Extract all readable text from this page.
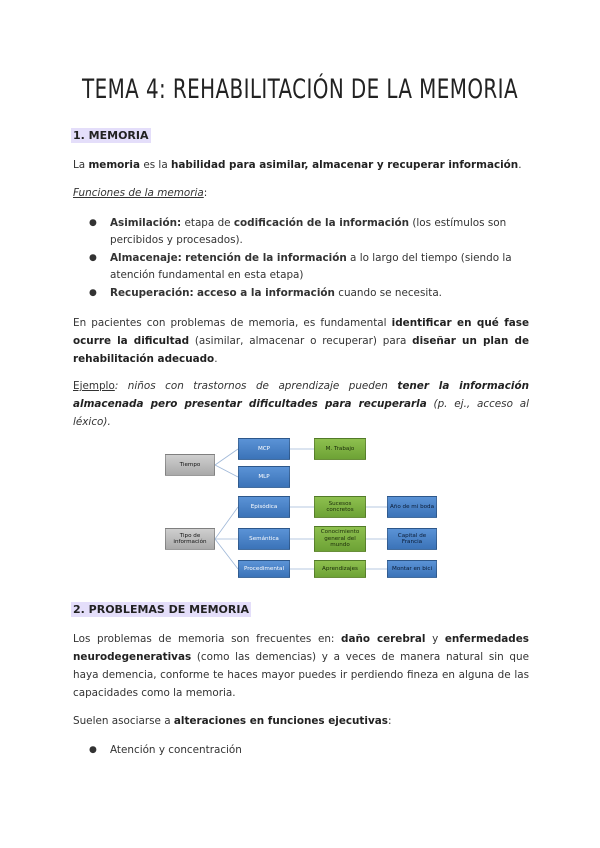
TEMA 4: REHABILITACIÓN DE LA MEMORIA
1. MEMORIA
La memoria es la habilidad para asimilar, almacenar y recuperar información.
Funciones de la memoria:
● Asimilación: etapa de codificación de la información (los estímulos son percibidos y procesados).
● Almacenaje: retención de la información a lo largo del tiempo (siendo la atención fundamental en esta etapa)
● Recuperación: acceso a la información cuando se necesita.
En pacientes con problemas de memoria, es fundamental identificar en qué fase ocurre la dificultad (asimilar, almacenar o recuperar) para diseñar un plan de rehabilitación adecuado.
Ejemplo: niños con trastornos de aprendizaje pueden tener la información almacenada pero presentar dificultades para recuperarla (p. ej., acceso al léxico).
Tiempo
MCP	M. Trabajo
MLP
Tipo de información
Episódica
Sucesos concretos
Año de mi boda
Semántica
Conocimiento general del mundo
Capital de Francia
Procedimental	Aprendizajes	Montar en bici
2. PROBLEMAS DE MEMORIA
Los problemas de memoria son frecuentes en: daño cerebral y enfermedades neurodegenerativas (como las demencias) y a veces de manera natural sin que haya demencia, conforme te haces mayor puedes ir perdiendo fineza en alguna de las capacidades como la memoria.
Suelen asociarse a alteraciones en funciones ejecutivas:
● Atención y concentración
